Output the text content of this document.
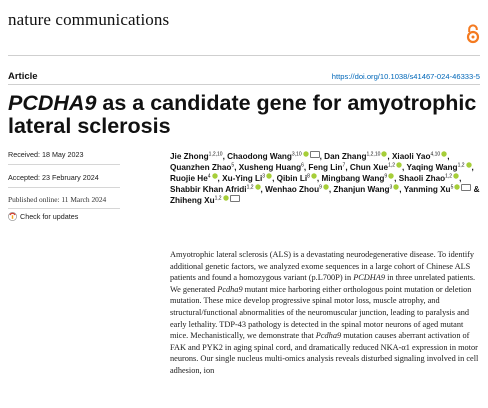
nature communications
Article	https://doi.org/10.1038/s41467-024-46333-5
PCDHA9 as a candidate gene for amyotrophic lateral sclerosis
Received: 18 May 2023
Accepted: 23 February 2024
Published online: 11 March 2024
Check for updates
Jie Zhong$^{1,2,10}$, Chaodong Wang$^{3,10}$ , Dan Zhang$^{1,2,10}$ , Xiaoli Yao$^{4,10}$ , Quanzhen Zhao$^5$, Xusheng Huang$^6$, Feng Lin$^7$, Chun Xue$^{1,2}$ , Yaqing Wang$^{1,2}$ , Ruojie He$^4$ , Xu-Ying Li$^3$ , Qibin Li$^8$ , Mingbang Wang$^9$ , Shaoli Zhao$^{1,2}$ , Shabbir Khan Afridi$^{1,2}$ , Wenhao Zhou$^9$ , Zhanjun Wang$^3$ , Yanming Xu$^5$ & Zhiheng Xu$^{1,2}$
Amyotrophic lateral sclerosis (ALS) is a devastating neurodegenerative disease. To identify additional genetic factors, we analyzed exome sequences in a large cohort of Chinese ALS patients and found a homozygous variant (p.L700P) in PCDHA9 in three unrelated patients. We generated Pcdha9 mutant mice harboring either orthologous point mutation or deletion mutation. These mice develop progressive spinal motor loss, muscle atrophy, and structural/functional abnormalities of the neuromuscular junction, leading to paralysis and early lethality. TDP-43 pathology is detected in the spinal motor neurons of aged mutant mice. Mechanistically, we demonstrate that Pcdha9 mutation causes aberrant activation of FAK and PYK2 in aging spinal cord, and dramatically reduced NKA-α1 expression in motor neurons. Our single nucleus multi-omics analysis reveals disturbed signaling involved in cell adhesion, ion
